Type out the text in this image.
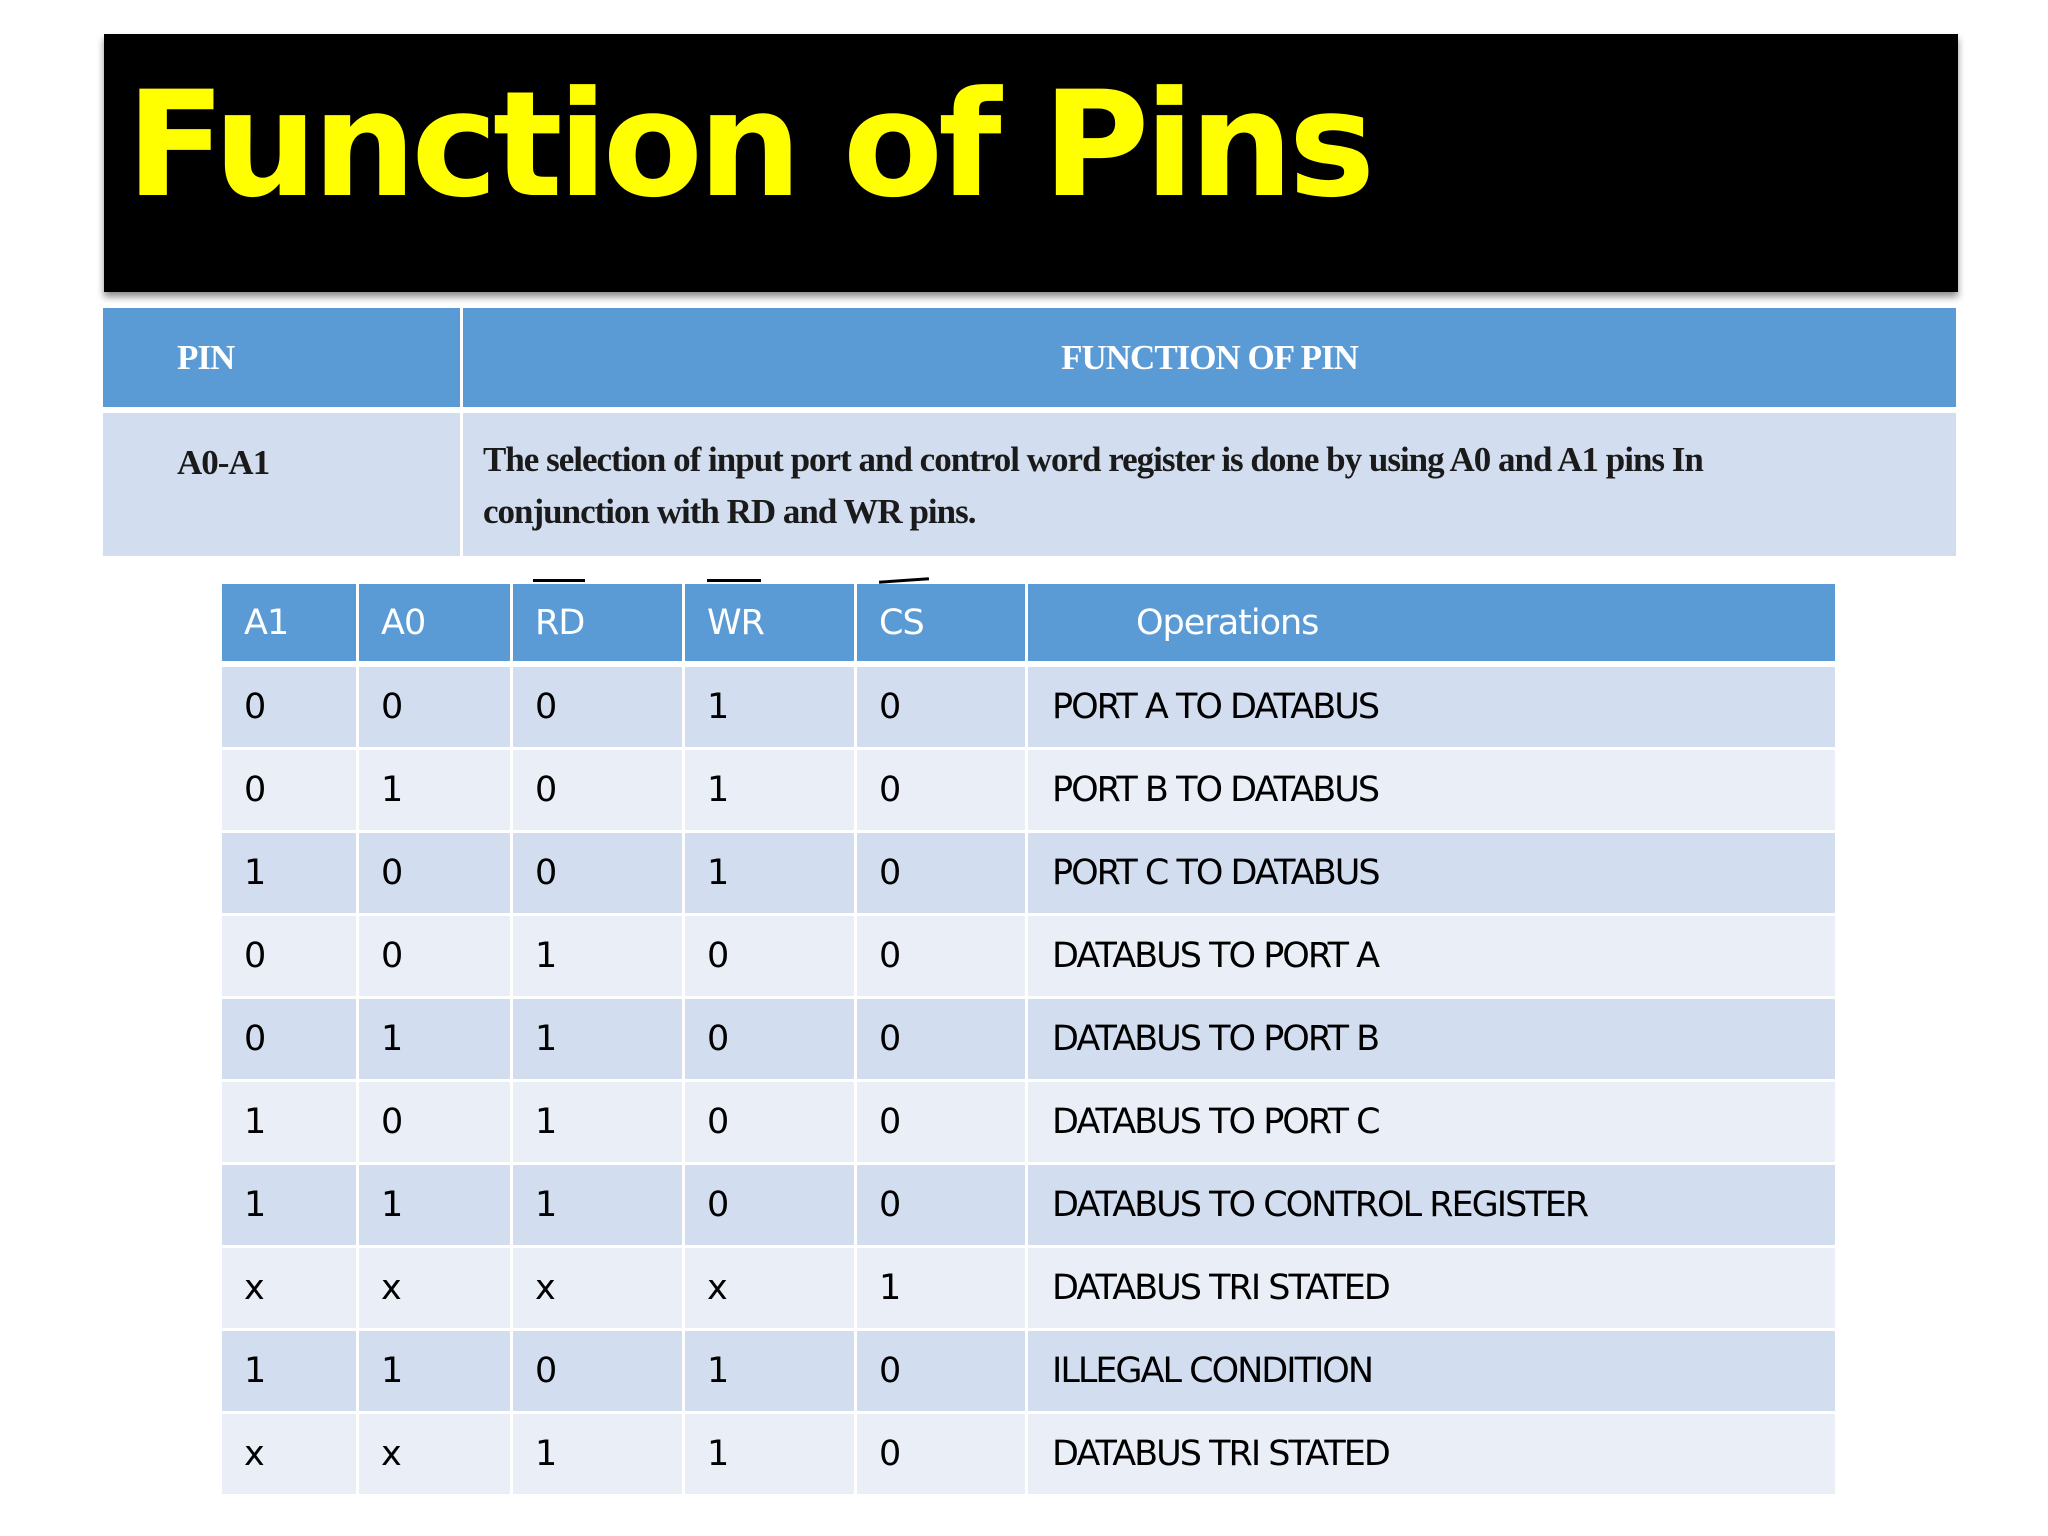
Function of Pins
PIN	FUNCTION OF PIN
A0-A1	The selection of input port and control word register is done by using A0 and A1 pins In
conjunction with RD and WR pins.
A1	A0	RD	WR	CS	Operations
0	0	0	1	0	PORT A TO DATABUS
0	1	0	1	0	PORT B TO DATABUS
1	0	0	1	0	PORT C TO DATABUS
0	0	1	0	0	DATABUS TO PORT A
0	1	1	0	0	DATABUS TO PORT B
1	0	1	0	0	DATABUS TO PORT C
1	1	1	0	0	DATABUS TO CONTROL REGISTER
x	x	x	x	1	DATABUS TRI STATED
1	1	0	1	0	ILLEGAL CONDITION
x	x	1	1	0	DATABUS TRI STATED
